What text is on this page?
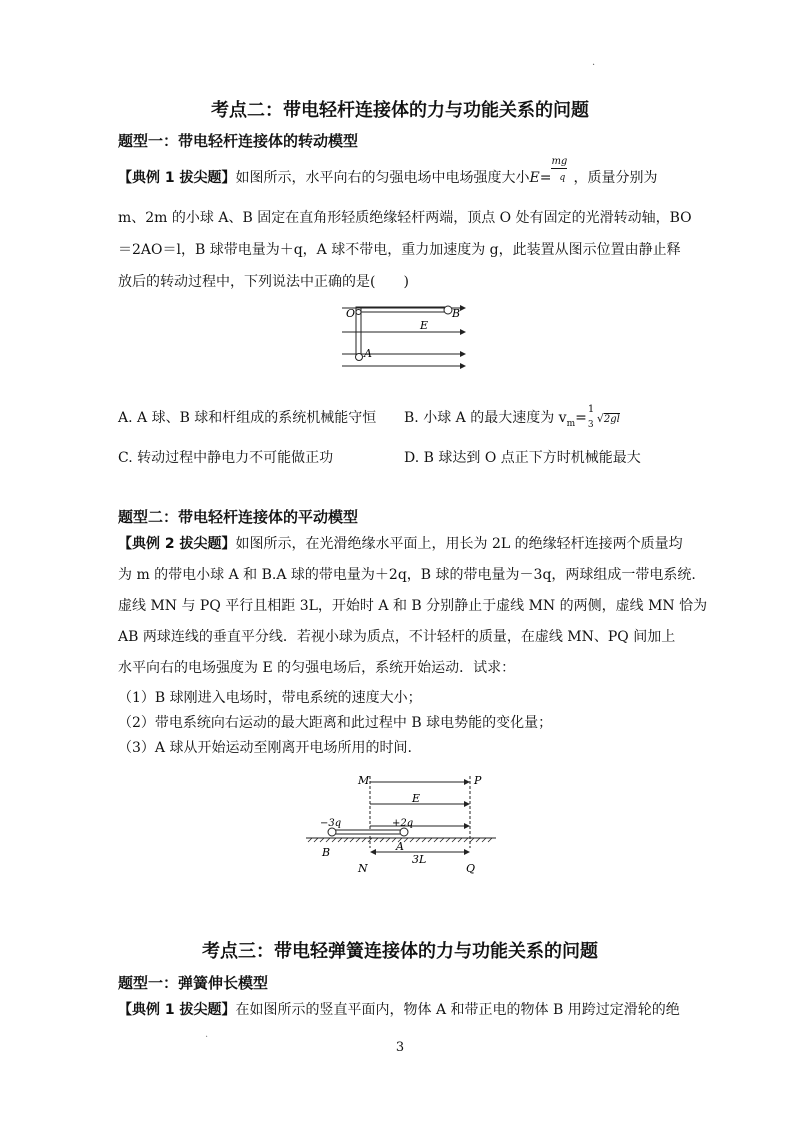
·
考点二：带电轻杆连接体的力与功能关系的问题
题型一：带电轻杆连接体的转动模型
【典例 1 拔尖题】如图所示，水平向右的匀强电场中电场强度大小$E= \frac{mg}{q}$ ，质量分别为
m、2m 的小球 A、B 固定在直角形轻质绝缘轻杆两端，顶点 O 处有固定的光滑转动轴，BO
＝2AO＝l，B 球带电量为＋q，A 球不带电，重力加速度为 g，此装置从图示位置由静止释
放后的转动过程中，下列说法中正确的是(　　)
O	B
E
A
A. A 球、B 球和杆组成的系统机械能守恒 B. 小球 A 的最大速度为 $v_m=$
1
3 √2gl
C. 转动过程中静电力不可能做正功	D. B 球达到 O 点正下方时机械能最大
题型二：带电轻杆连接体的平动模型
【典例 2 拔尖题】如图所示，在光滑绝缘水平面上，用长为 2L 的绝缘轻杆连接两个质量均
为 m 的带电小球 A 和 B.A 球的带电量为＋2q，B 球的带电量为－3q，两球组成一带电系统.
虚线 MN 与 PQ 平行且相距 3L，开始时 A 和 B 分别静止于虚线 MN 的两侧，虚线 MN 恰为
AB 两球连线的垂直平分线．若视小球为质点，不计轻杆的质量，在虚线 MN、PQ 间加上
水平向右的电场强度为 E 的匀强电场后，系统开始运动．试求：
（1）B 球刚进入电场时，带电系统的速度大小；
（2）带电系统向右运动的最大距离和此过程中 B 球电势能的变化量；
（3）A 球从开始运动至刚离开电场所用的时间.
M	P
E
−3q	+2q
B	A
N	Q
3L
考点三：带电轻弹簧连接体的力与功能关系的问题
题型一：弹簧伸长模型
【典例 1 拔尖题】在如图所示的竖直平面内，物体 A 和带正电的物体 B 用跨过定滑轮的绝
·
3
